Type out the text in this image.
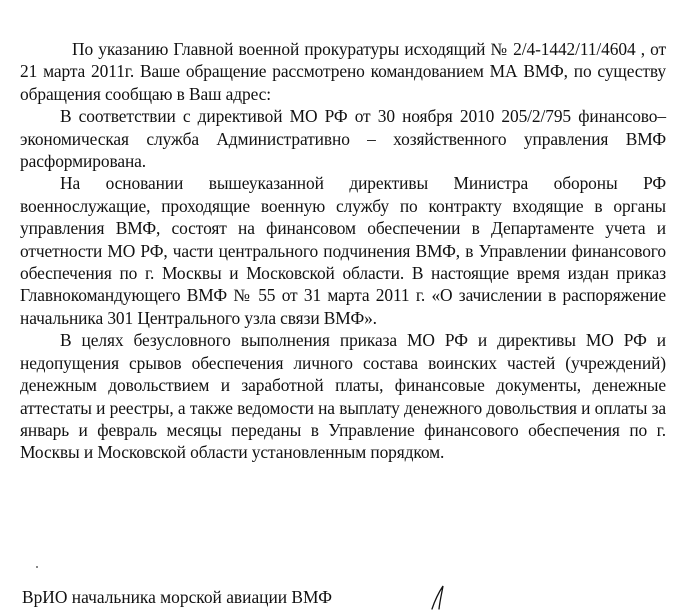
По указанию Главной военной прокуратуры исходящий № 2/4-1442/11/4604 , от 21 марта 2011г. Ваше обращение рассмотрено командованием МА ВМФ, по существу обращения сообщаю в Ваш адрес:

В соответствии с директивой МО РФ от 30 ноября 2010 205/2/795 финансово–экономическая служба Административно – хозяйственного управления ВМФ расформирована.

На основании вышеуказанной директивы Министра обороны РФ военнослужащие, проходящие военную службу по контракту входящие в органы управления ВМФ, состоят на финансовом обеспечении в Департаменте учета и отчетности МО РФ, части центрального подчинения ВМФ, в Управлении финансового обеспечения по г. Москвы и Московской области. В настоящие время издан приказ Главнокомандующего ВМФ № 55 от 31 марта 2011 г. «О зачислении в распоряжение начальника 301 Центрального узла связи ВМФ».

В целях безусловного выполнения приказа МО РФ и директивы МО РФ и недопущения срывов обеспечения личного состава воинских частей (учреждений) денежным довольствием и заработной платы, финансовые документы, денежные аттестаты и реестры, а также ведомости на выплату денежного довольствия и оплаты за январь и февраль месяцы переданы в Управление финансового обеспечения по г. Москвы и Московской области установленным порядком.

ВрИО начальника морской авиации ВМФ
